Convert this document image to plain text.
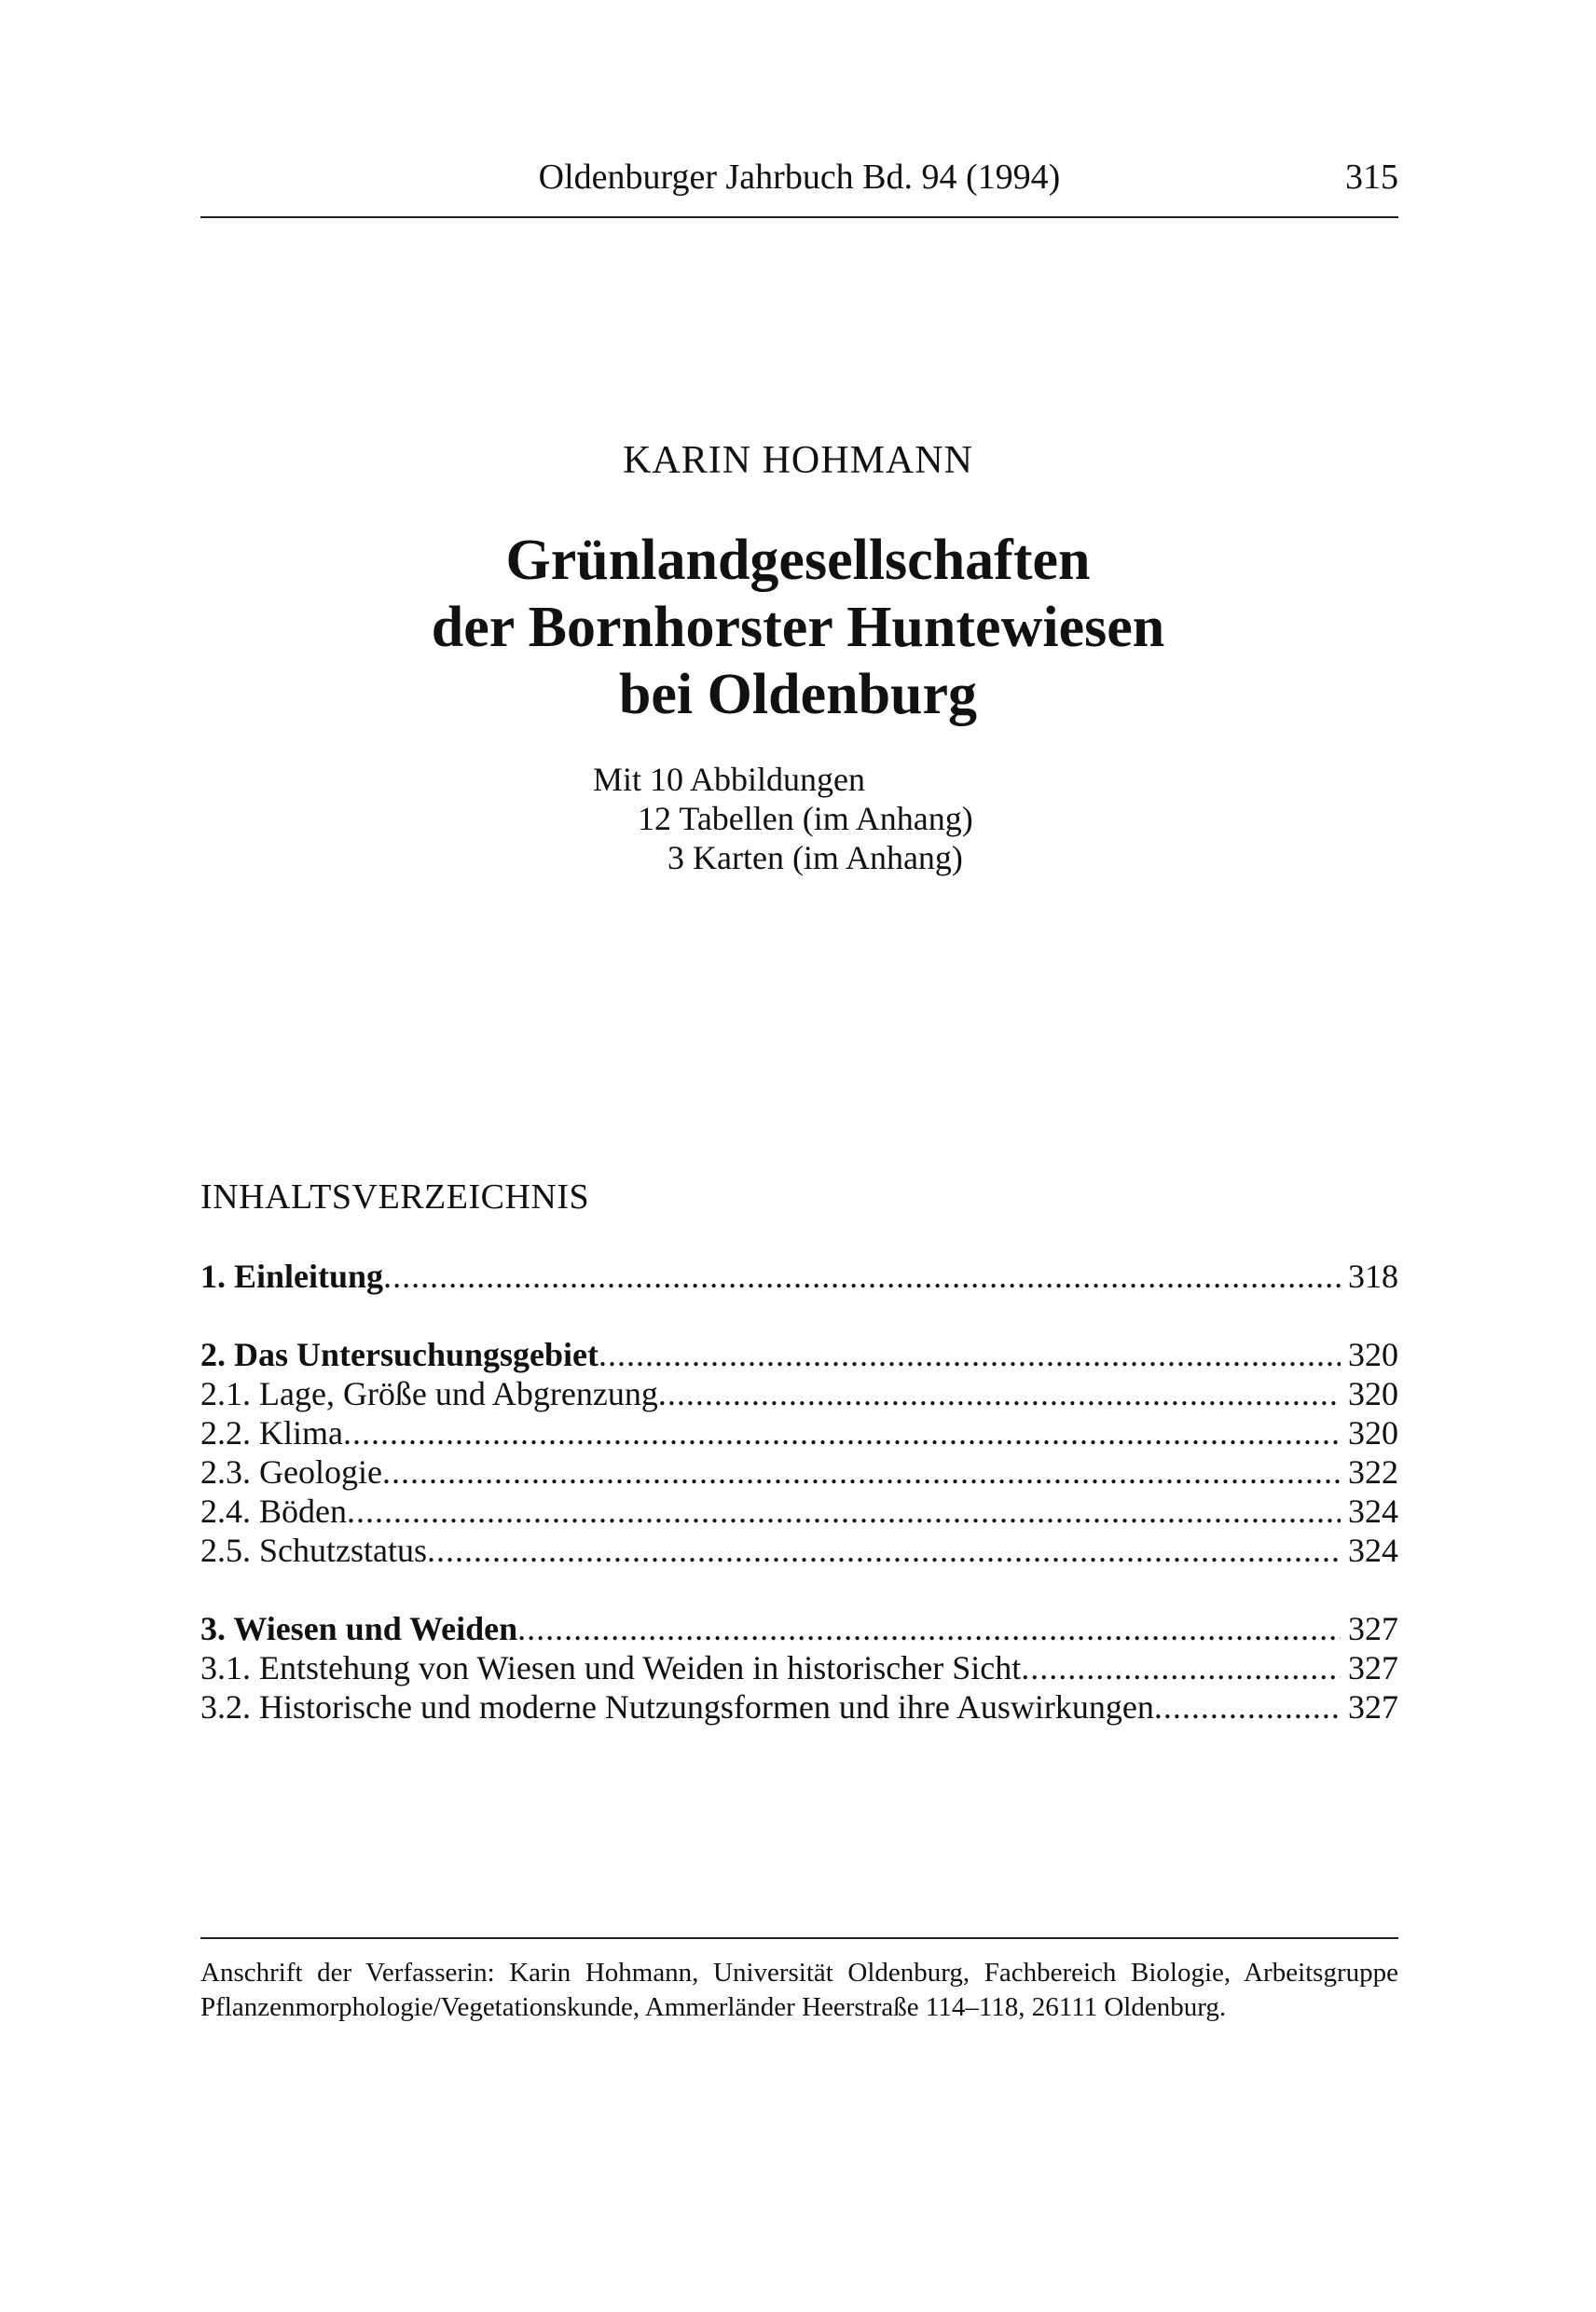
Oldenburger Jahrbuch Bd. 94 (1994)	315
KARIN HOHMANN
Grünlandgesellschaften
der Bornhorster Huntewiesen
bei Oldenburg
Mit 10 Abbildungen
12 Tabellen (im Anhang)
3 Karten (im Anhang)
INHALTSVERZEICHNIS
1. Einleitung . . .	318
2. Das Untersuchungsgebiet . . .	320
2.1. Lage, Größe und Abgrenzung . . .	320
2.2. Klima . . .	320
2.3. Geologie . . .	322
2.4. Böden . . .	324
2.5. Schutzstatus . . .	324
3. Wiesen und Weiden . . .	327
3.1. Entstehung von Wiesen und Weiden in historischer Sicht . . .	327
3.2. Historische und moderne Nutzungsformen und ihre Auswirkungen . . .	327
Anschrift der Verfasserin: Karin Hohmann, Universität Oldenburg, Fachbereich Biologie, Arbeitsgruppe Pflanzenmorphologie/Vegetationskunde, Ammerländer Heerstraße 114–118, 26111 Oldenburg.
